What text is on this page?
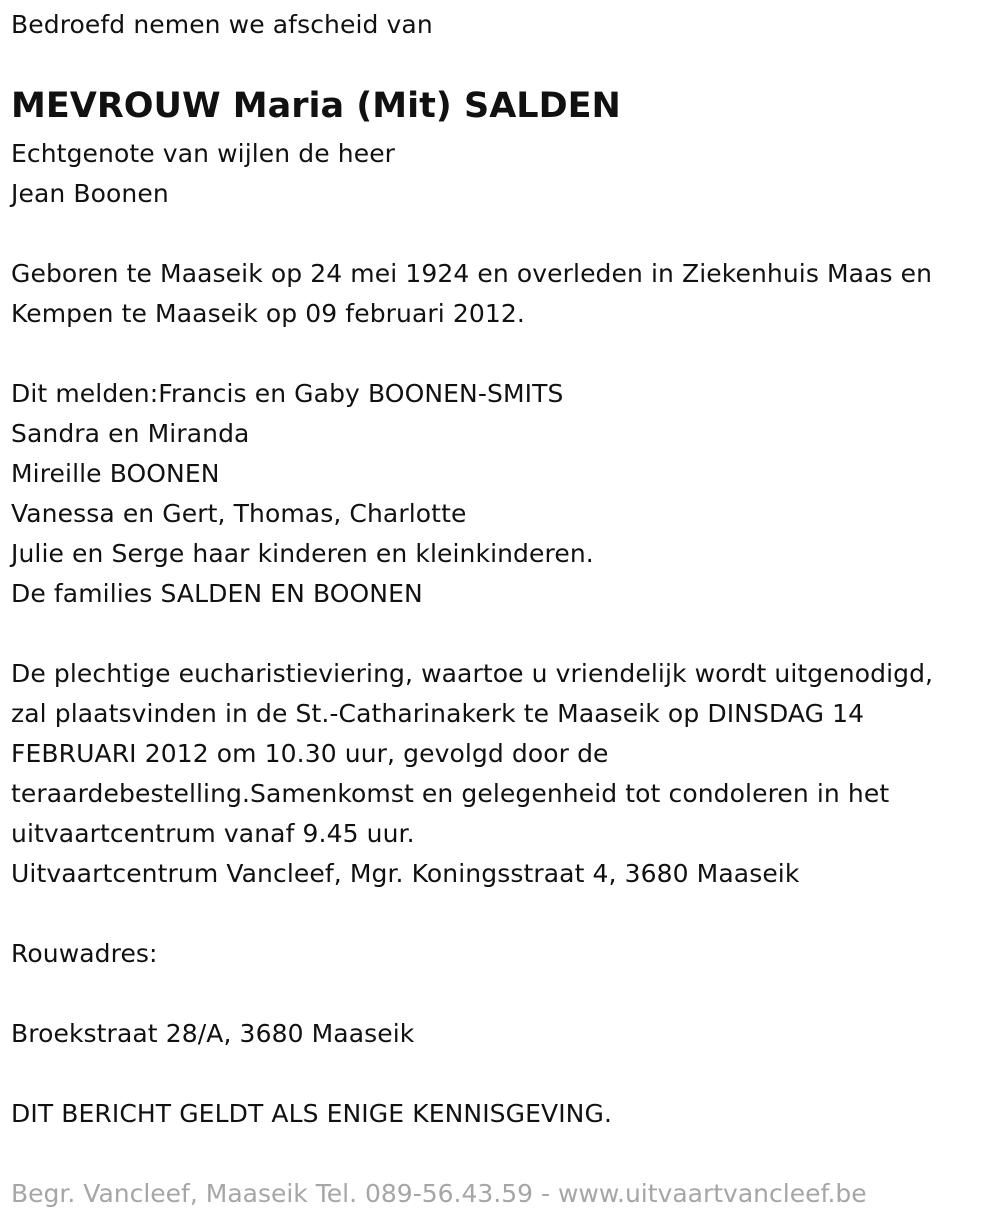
Bedroefd nemen we afscheid van
MEVROUW Maria (Mit) SALDEN
Echtgenote van wijlen de heer
Jean Boonen
Geboren te Maaseik op 24 mei 1924 en overleden in Ziekenhuis Maas en
Kempen te Maaseik op 09 februari 2012.
Dit melden:Francis en Gaby BOONEN-SMITS
Sandra en Miranda
Mireille BOONEN
Vanessa en Gert, Thomas, Charlotte
Julie en Serge haar kinderen en kleinkinderen.
De families SALDEN EN BOONEN
De plechtige eucharistieviering, waartoe u vriendelijk wordt uitgenodigd,
zal plaatsvinden in de St.-Catharinakerk te Maaseik op DINSDAG 14
FEBRUARI 2012 om 10.30 uur, gevolgd door de
teraardebestelling.Samenkomst en gelegenheid tot condoleren in het
uitvaartcentrum vanaf 9.45 uur.
Uitvaartcentrum Vancleef, Mgr. Koningsstraat 4, 3680 Maaseik
Rouwadres:
Broekstraat 28/A, 3680 Maaseik
DIT BERICHT GELDT ALS ENIGE KENNISGEVING.
Begr. Vancleef, Maaseik Tel. 089-56.43.59 - www.uitvaartvancleef.be
